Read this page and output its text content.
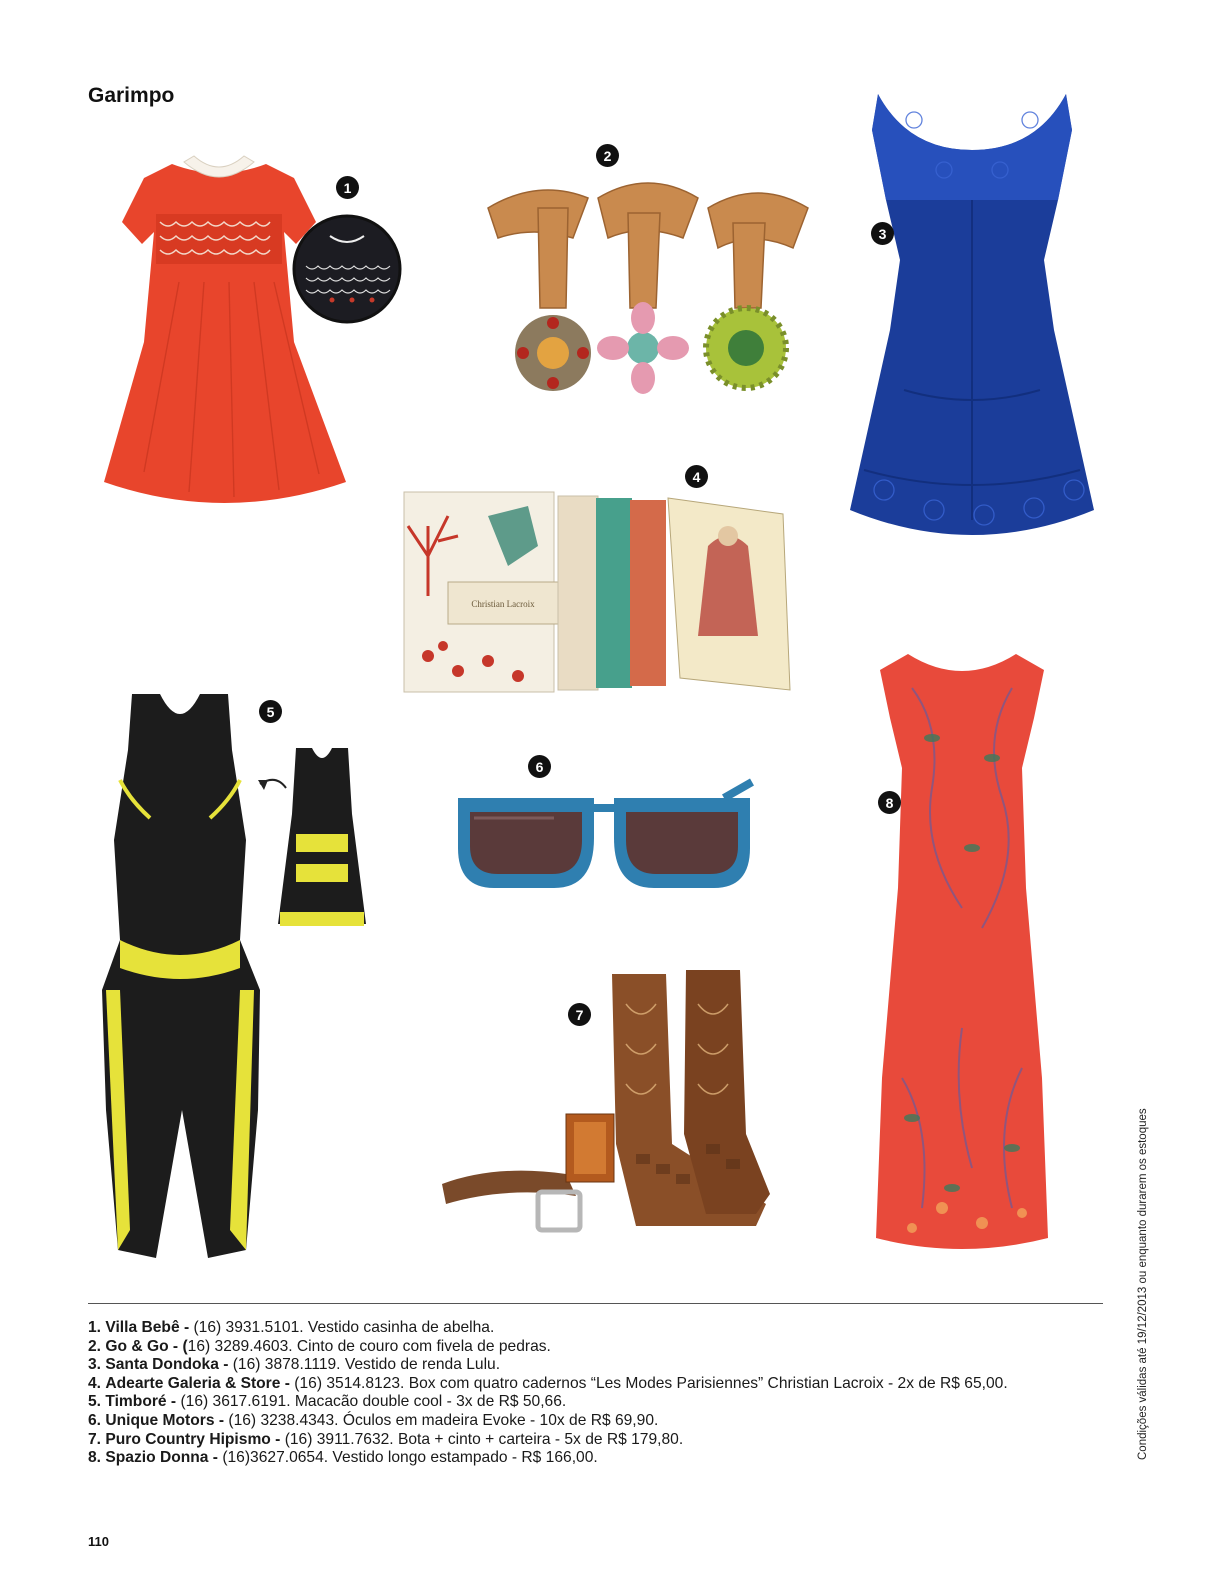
Garimpo
1
2
3
Christian Lacroix
4
5
6
7
8
1. Villa Bebê - (16) 3931.5101. Vestido casinha de abelha.
2. Go & Go - (16) 3289.4603. Cinto de couro com fivela de pedras.
3. Santa Dondoka - (16) 3878.1119. Vestido de renda Lulu.
4. Adearte Galeria & Store - (16) 3514.8123. Box com quatro cadernos “Les Modes Parisiennes” Christian Lacroix - 2x de R$ 65,00.
5. Timboré - (16) 3617.6191. Macacão double cool - 3x de R$ 50,66.
6. Unique Motors - (16) 3238.4343. Óculos em madeira Evoke - 10x de R$ 69,90.
7. Puro Country Hipismo - (16) 3911.7632. Bota + cinto + carteira - 5x de R$ 179,80.
8. Spazio Donna - (16)3627.0654. Vestido longo estampado - R$ 166,00.
110
Condições válidas até 19/12/2013 ou enquanto durarem os estoques
